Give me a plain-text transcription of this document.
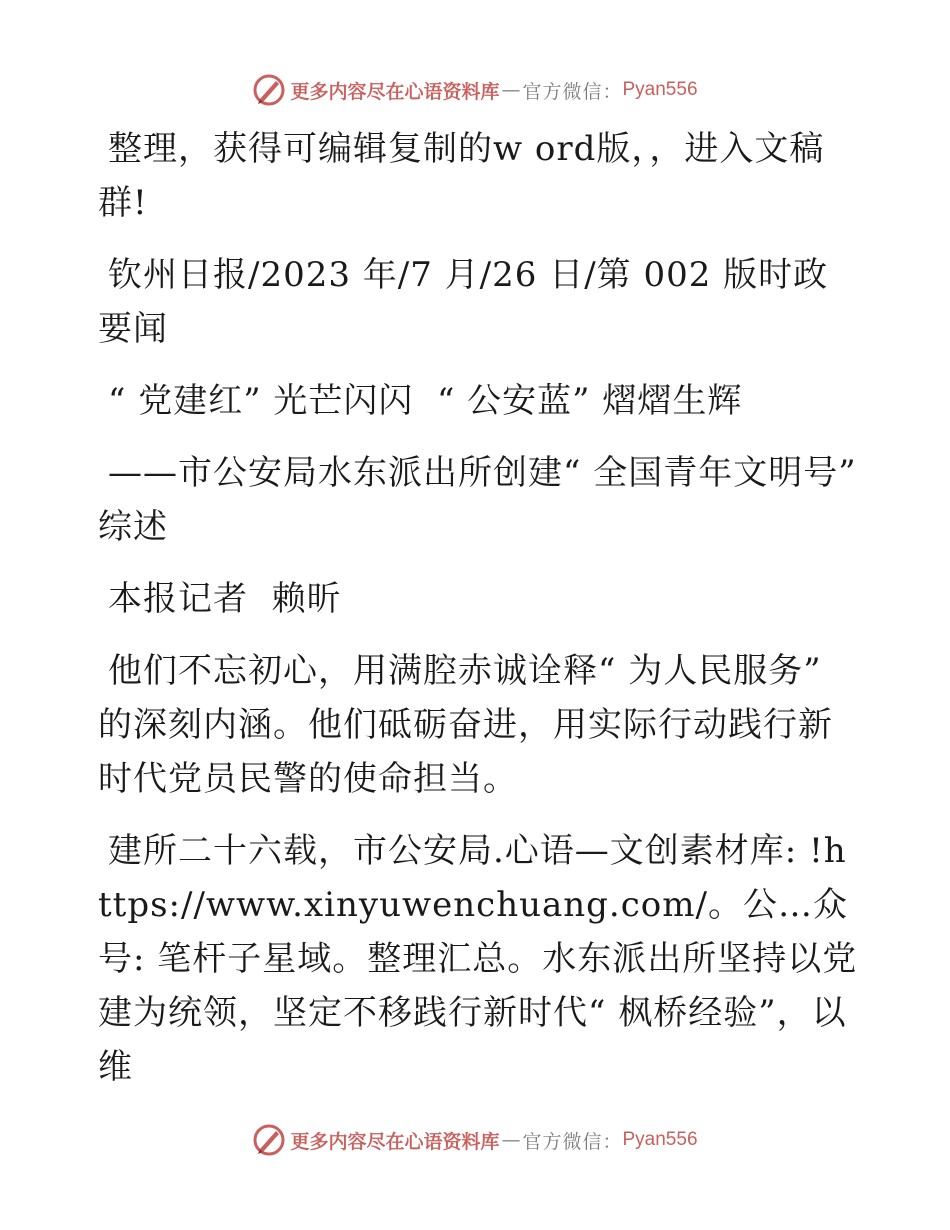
更多内容尽在心语资料库 — 官方微信： Pyan556

整理，获得可编辑复制的w ord版，，进入文稿群!

钦州日报/2023 年/7 月/26 日/第 002 版时政要闻

“ 党建红” 光芒闪闪  “ 公安蓝” 熠熠生辉

——市公安局水东派出所创建“ 全国青年文明号” 综述

本报记者  赖昕

他们不忘初心，用满腔赤诚诠释“ 为人民服务” 的深刻内涵。他们砥砺奋进，用实际行动践行新时代党员民警的使命担当。

建所二十六载，市公安局.心语—文创素材库: !https://www.xinyuwenchuang.com/。公…众号: 笔杆子星域。整理汇总。水东派出所坚持以党建为统领，坚定不移践行新时代“ 枫桥经验”，以维

更多内容尽在心语资料库 — 官方微信： Pyan556
